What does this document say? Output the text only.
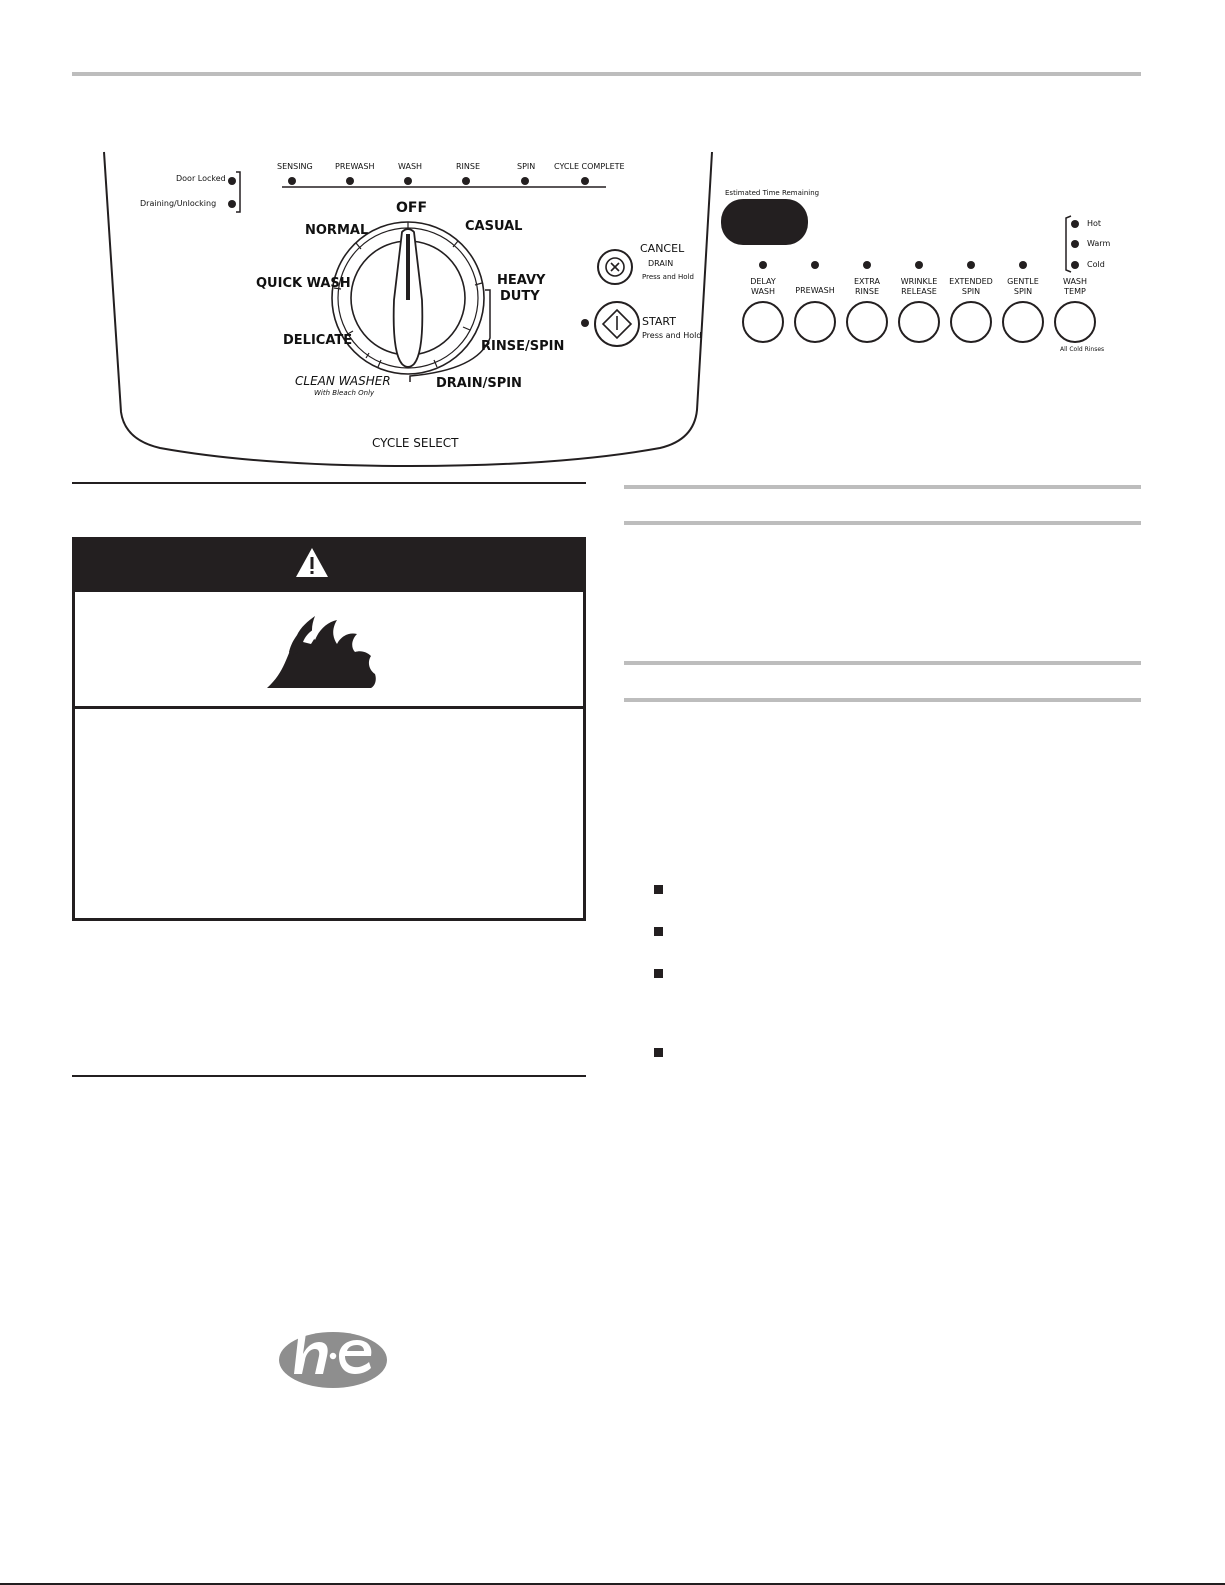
SENSING	PREWASH	WASH	RINSE	SPIN CYCLE COMPLETE
Door Locked
Draining/Unlocking	OFF
CASUAL
HEAVY
DUTY
RINSE/SPIN
DRAIN/SPIN
CLEAN WASHER
With Bleach Only
DELICATE
QUICK WASH
NORMAL
CYCLE SELECT
CANCEL
DRAIN
Press and Hold
START
Press and Hold
Estimated Time Remaining
DELAY
WASH	PREWASH
EXTRA
RINSE
WRINKLE
RELEASE
EXTENDED
SPIN
GENTLE
SPIN
WASH
TEMP
Hot
Warm
Cold
All Cold Rinses
